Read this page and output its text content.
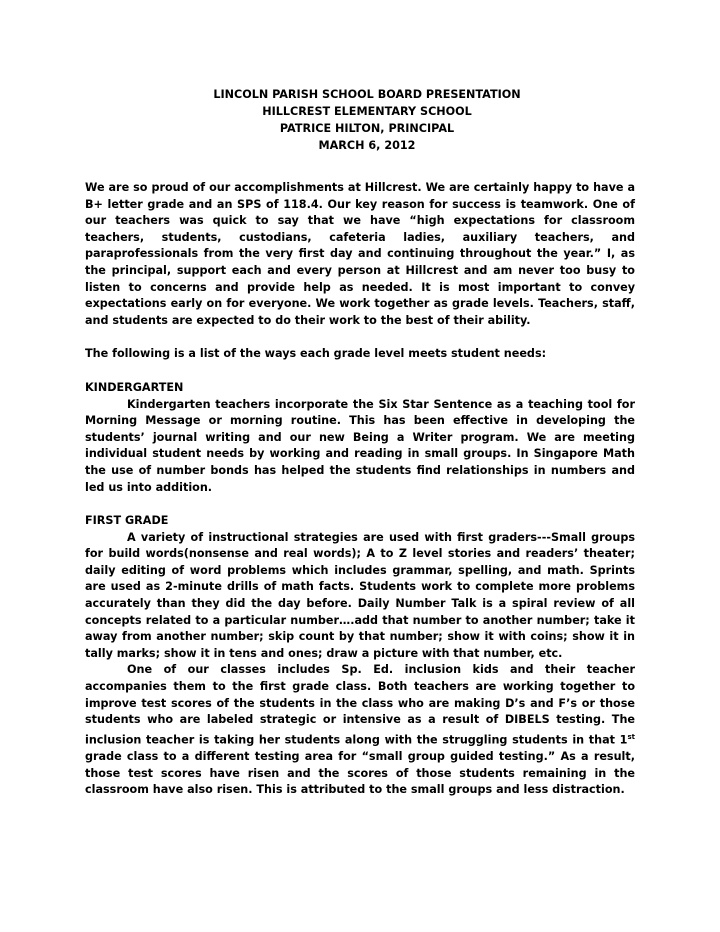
LINCOLN PARISH SCHOOL BOARD PRESENTATION
HILLCREST ELEMENTARY SCHOOL
PATRICE HILTON, PRINCIPAL
MARCH 6, 2012

We are so proud of our accomplishments at Hillcrest. We are certainly happy to have a B+ letter grade and an SPS of 118.4. Our key reason for success is teamwork. One of our teachers was quick to say that we have “high expectations for classroom teachers, students, custodians, cafeteria ladies, auxiliary teachers, and paraprofessionals from the very first day and continuing throughout the year.” I, as the principal, support each and every person at Hillcrest and am never too busy to listen to concerns and provide help as needed. It is most important to convey expectations early on for everyone. We work together as grade levels. Teachers, staff, and students are expected to do their work to the best of their ability.

The following is a list of the ways each grade level meets student needs:

KINDERGARTEN

Kindergarten teachers incorporate the Six Star Sentence as a teaching tool for Morning Message or morning routine. This has been effective in developing the students’ journal writing and our new Being a Writer program. We are meeting individual student needs by working and reading in small groups. In Singapore Math the use of number bonds has helped the students find relationships in numbers and led us into addition.

FIRST GRADE

A variety of instructional strategies are used with first graders---Small groups for build words(nonsense and real words); A to Z level stories and readers’ theater; daily editing of word problems which includes grammar, spelling, and math. Sprints are used as 2-minute drills of math facts. Students work to complete more problems accurately than they did the day before. Daily Number Talk is a spiral review of all concepts related to a particular number….add that number to another number; take it away from another number; skip count by that number; show it with coins; show it in tally marks; show it in tens and ones; draw a picture with that number, etc.

One of our classes includes Sp. Ed. inclusion kids and their teacher accompanies them to the first grade class. Both teachers are working together to improve test scores of the students in the class who are making D’s and F’s or those students who are labeled strategic or intensive as a result of DIBELS testing. The inclusion teacher is taking her students along with the struggling students in that 1st grade class to a different testing area for “small group guided testing.” As a result, those test scores have risen and the scores of those students remaining in the classroom have also risen. This is attributed to the small groups and less distraction.
